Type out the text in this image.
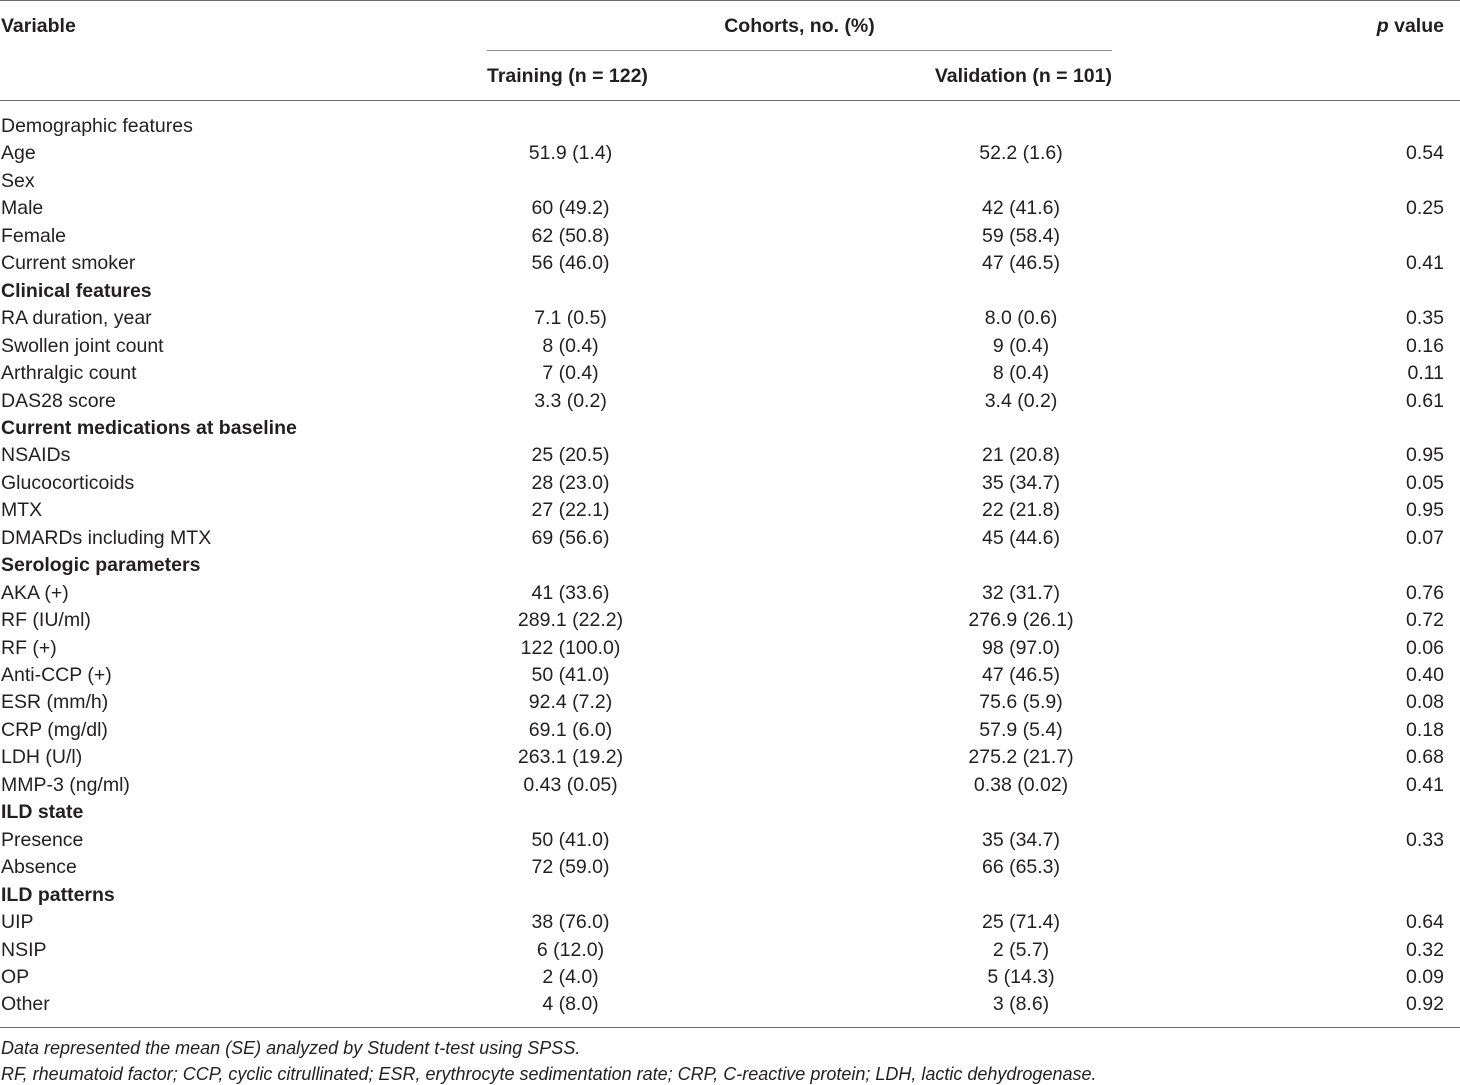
Variable	Cohorts, no. (%)	p value
Training (n = 122)	Validation (n = 101)
Demographic features
Age	51.9 (1.4)	52.2 (1.6)	0.54
Sex
Male	60 (49.2)	42 (41.6)	0.25
Female	62 (50.8)	59 (58.4)
Current smoker	56 (46.0)	47 (46.5)	0.41
Clinical features
RA duration, year	7.1 (0.5)	8.0 (0.6)	0.35
Swollen joint count	8 (0.4)	9 (0.4)	0.16
Arthralgic count	7 (0.4)	8 (0.4)	0.11
DAS28 score	3.3 (0.2)	3.4 (0.2)	0.61
Current medications at baseline
NSAIDs	25 (20.5)	21 (20.8)	0.95
Glucocorticoids	28 (23.0)	35 (34.7)	0.05
MTX	27 (22.1)	22 (21.8)	0.95
DMARDs including MTX	69 (56.6)	45 (44.6)	0.07
Serologic parameters
AKA (+)	41 (33.6)	32 (31.7)	0.76
RF (IU/ml)	289.1 (22.2)	276.9 (26.1)	0.72
RF (+)	122 (100.0)	98 (97.0)	0.06
Anti-CCP (+)	50 (41.0)	47 (46.5)	0.40
ESR (mm/h)	92.4 (7.2)	75.6 (5.9)	0.08
CRP (mg/dl)	69.1 (6.0)	57.9 (5.4)	0.18
LDH (U/l)	263.1 (19.2)	275.2 (21.7)	0.68
MMP-3 (ng/ml)	0.43 (0.05)	0.38 (0.02)	0.41
ILD state
Presence	50 (41.0)	35 (34.7)	0.33
Absence	72 (59.0)	66 (65.3)
ILD patterns
UIP	38 (76.0)	25 (71.4)	0.64
NSIP	6 (12.0)	2 (5.7)	0.32
OP	2 (4.0)	5 (14.3)	0.09
Other	4 (8.0)	3 (8.6)	0.92
Data represented the mean (SE) analyzed by Student t-test using SPSS.
RF, rheumatoid factor; CCP, cyclic citrullinated; ESR, erythrocyte sedimentation rate; CRP, C-reactive protein; LDH, lactic dehydrogenase.
